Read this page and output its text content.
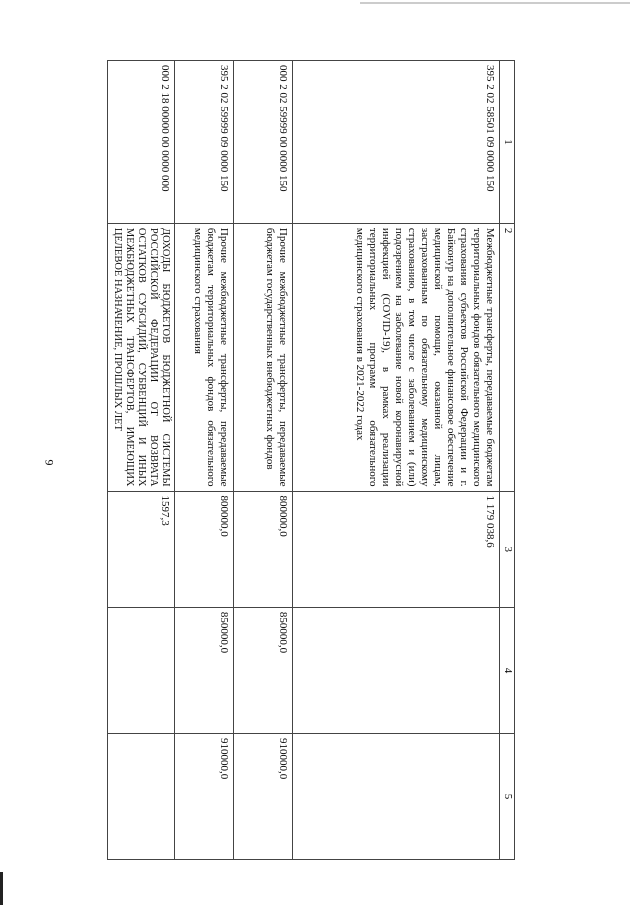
9
1	2	3	4	5
395 2 02 58501 09 0000 150	Межбюджетные трансферты, передаваемые бюджетам территориальных фондов обязательного медицинского страхования субъектов Российской Федерации и г. Байконур на дополнительное финансовое обеспечение медицинской помощи, оказанной лицам, застрахованным по обязательному медицинскому страхованию, в том числе с заболеванием и (или) подозрением на заболевание новой коронавирусной инфекцией (COVID-19), в рамках реализации территориальных программ обязательного медицинского страхования в 2021-2022 годах	1 179 038,6		
000 2 02 59999 00 0000 150	Прочие межбюджетные трансферты, передаваемые бюджетам государственных внебюджетных фондов	800000,0	850000,0	910000,0
395 2 02 59999 09 0000 150	Прочие межбюджетные трансферты, передаваемые бюджетам территориальных фондов обязательного медицинского страхования	800000,0	850000,0	910000,0
000 2 18 00000 00 0000 000	ДОХОДЫ БЮДЖЕТОВ БЮДЖЕТНОЙ СИСТЕМЫ РОССИЙСКОЙ ФЕДЕРАЦИИ ОТ ВОЗВРАТА ОСТАТКОВ СУБСИДИЙ, СУБВЕНЦИЙ И ИНЫХ МЕЖБЮДЖЕТНЫХ ТРАНСФЕРТОВ, ИМЕЮЩИХ ЦЕЛЕВОЕ НАЗНАЧЕНИЕ, ПРОШЛЫХ ЛЕТ	1597,3		
